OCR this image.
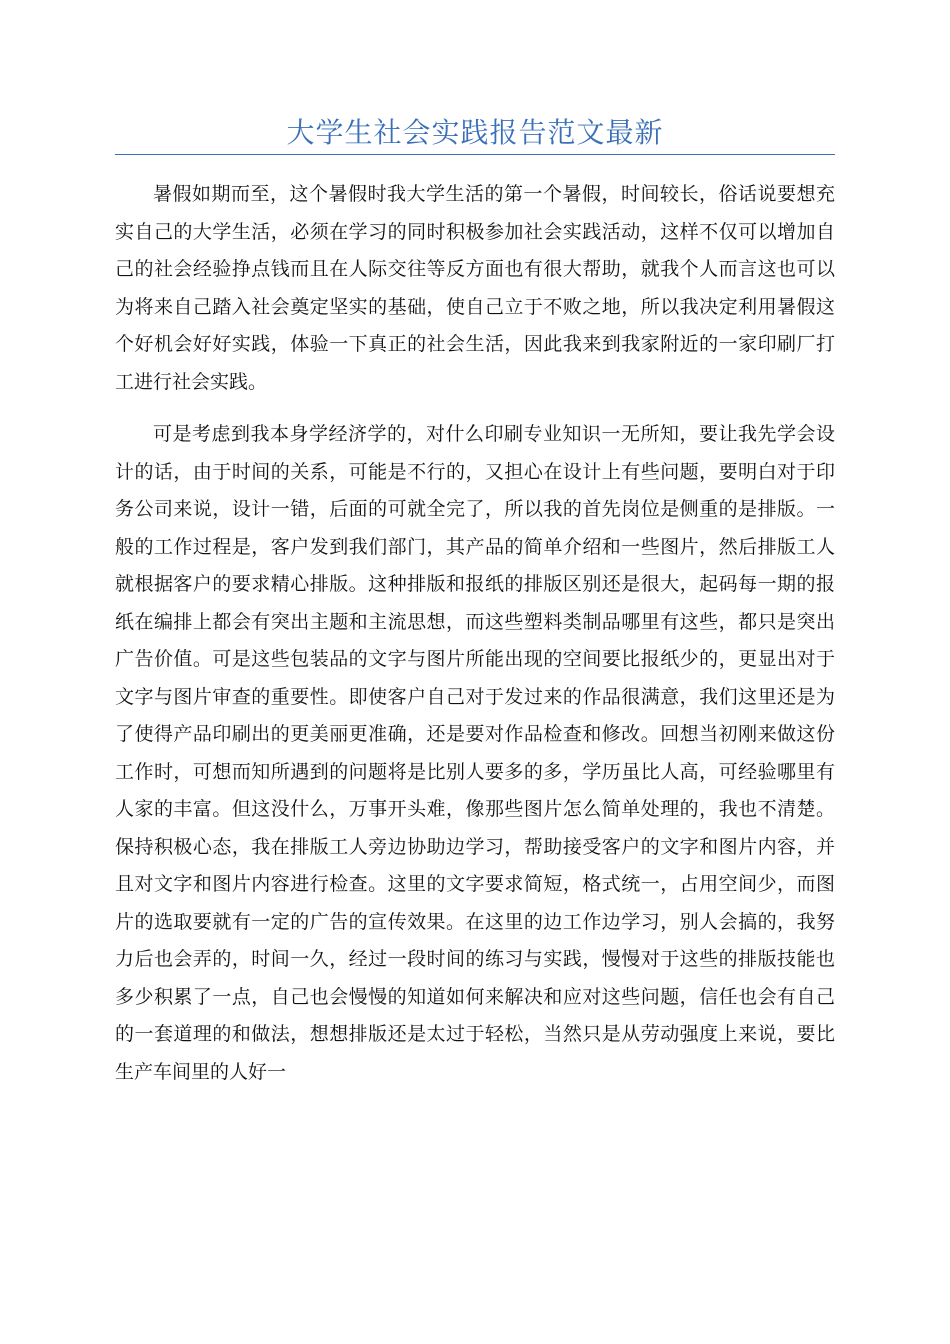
大学生社会实践报告范文最新

暑假如期而至，这个暑假时我大学生活的第一个暑假，时间较长，俗话说要想充实自己的大学生活，必须在学习的同时积极参加社会实践活动，这样不仅可以增加自己的社会经验挣点钱而且在人际交往等反方面也有很大帮助，就我个人而言这也可以为将来自己踏入社会奠定坚实的基础，使自己立于不败之地，所以我决定利用暑假这个好机会好好实践，体验一下真正的社会生活，因此我来到我家附近的一家印刷厂打工进行社会实践。

可是考虑到我本身学经济学的，对什么印刷专业知识一无所知，要让我先学会设计的话，由于时间的关系，可能是不行的，又担心在设计上有些问题，要明白对于印务公司来说，设计一错，后面的可就全完了，所以我的首先岗位是侧重的是排版。一般的工作过程是，客户发到我们部门，其产品的简单介绍和一些图片，然后排版工人就根据客户的要求精心排版。这种排版和报纸的排版区别还是很大，起码每一期的报纸在编排上都会有突出主题和主流思想，而这些塑料类制品哪里有这些，都只是突出广告价值。可是这些包装品的文字与图片所能出现的空间要比报纸少的，更显出对于文字与图片审查的重要性。即使客户自己对于发过来的作品很满意，我们这里还是为了使得产品印刷出的更美丽更准确，还是要对作品检查和修改。回想当初刚来做这份工作时，可想而知所遇到的问题将是比别人要多的多，学历虽比人高，可经验哪里有人家的丰富。但这没什么，万事开头难，像那些图片怎么简单处理的，我也不清楚。保持积极心态，我在排版工人旁边协助边学习，帮助接受客户的文字和图片内容，并且对文字和图片内容进行检查。这里的文字要求简短，格式统一，占用空间少，而图片的选取要就有一定的广告的宣传效果。在这里的边工作边学习，别人会搞的，我努力后也会弄的，时间一久，经过一段时间的练习与实践，慢慢对于这些的排版技能也多少积累了一点，自己也会慢慢的知道如何来解决和应对这些问题，信任也会有自己的一套道理的和做法，想想排版还是太过于轻松，当然只是从劳动强度上来说，要比生产车间里的人好一
